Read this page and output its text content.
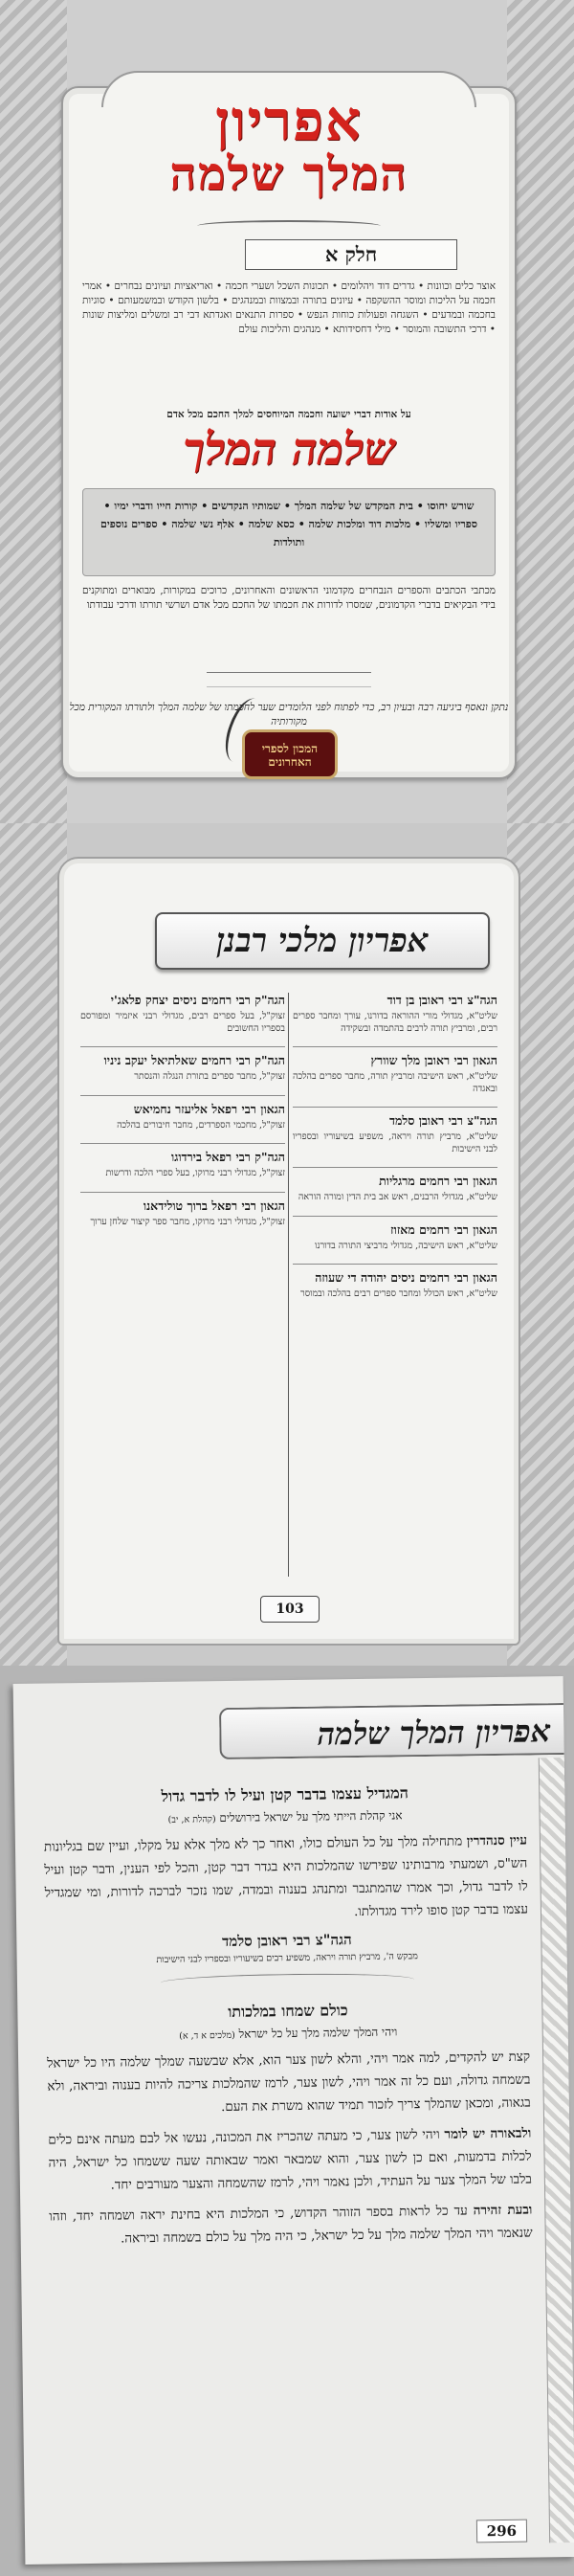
אפריון
המלך שלמה
חלק א
אוצר כלים וכוונות • גדרים דוד ויהלומים • תכונות השכל ושערי חכמה • ואריאציות ועיונים נבחרים • אמרי חכמה על הליכות ומוסר ההשקפה • עיונים בתורה ובמצוות ובמנהגים • בלשון הקודש ובמשמעותם • סוגיות בחכמה ובמדעים • השגחה ופעולות כוחות הנפש • ספרות התנאים ואגדתא דבי רב ומשלים ומליצות שונות • דרכי התשובה והמוסר • מילי דחסידותא • מנהגים והליכות עולם
על אודות דברי ישועה וחכמה המיוחסים למלך החכם מכל אדם
שלמה המלך
שורש יחוסו • בית המקדש של שלמה המלך • שמותיו הנקדשים • קורות חייו ודברי ימיו • ספריו ומשליו • מלכות דוד ומלכות שלמה • כסא שלמה • אלף נשי שלמה • ספרים נוספים ותולדות
מכתבי הכתבים והספרים הנבחרים מקדמוני הראשונים והאחרונים, כרוכים במקורות, מבוארים ומתוקנים בידי הבקיאים בדברי הקדמונים, שמסרו לדורות את חכמתו של החכם מכל אדם ושרשי תורתו ודרכי עבודתו
נתקן ונאסף ביגיעה רבה ובעיון רב, כדי לפתוח לפני הלומדים שער לחכמתו של שלמה המלך ולתורתו המקורית מכל מקורותיה
המכון לספרי האחרונים
אפריון מלכי רבנן
הגה"צ רבי ראובן בן דוד
שליט"א, מגדולי מורי ההוראה בדורנו, עורך ומחבר ספרים רבים, ומרביץ תורה לרבים בהתמדה ובשקידה
הגאון רבי ראובן מלך שוורץ
שליט"א, ראש הישיבה ומרביץ תורה, מחבר ספרים בהלכה ובאגדה
הגה"צ רבי ראובן סלמד
שליט"א, מרביץ תורה ויראה, משפיע בשיעוריו ובספריו לבני הישיבות
הגאון רבי רחמים מרגליות
שליט"א, מגדולי הרבנים, ראש אב בית הדין ומורה הוראה
הגאון רבי רחמים מאזוז
שליט"א, ראש הישיבה, מגדולי מרביצי התורה בדורנו
הגאון רבי רחמים ניסים יהודה די שעוזה
שליט"א, ראש הכולל ומחבר ספרים רבים בהלכה ובמוסר
הגה"ק רבי רחמים ניסים יצחק פלאג'י
זצוק"ל, בעל ספרים רבים, מגדולי רבני איזמיר ומפורסם בספריו החשובים
הגה"ק רבי רחמים שאלתיאל יעקב ניניו
זצוק"ל, מחבר ספרים בתורת הנגלה והנסתר
הגאון רבי רפאל אליעזר נחמיאש
זצוק"ל, מחכמי הספרדים, מחבר חיבורים בהלכה
הגה"ק רבי רפאל בירדוגו
זצוק"ל, מגדולי רבני מרוקו, בעל ספרי הלכה ודרשות
הגאון רבי רפאל ברוך טולידאנו
זצוק"ל, מגדולי רבני מרוקו, מחבר ספר קיצור שלחן ערוך
103
אפריון המלך שלמה
המגדיל עצמו בדבר קטן ועיל לו לדבר גדול
אני קהלת הייתי מלך על ישראל בירושלים (קהלת א, יב)
עיין סנהדרין מתחילה מלך על כל העולם כולו, ואחר כך לא מלך אלא על מקלו, ועיין שם בגליונות הש"ס, ושמעתי מרבותינו שפירשו שהמלכות היא בגדר דבר קטן, והכל לפי הענין, ודבר קטן ועיל לו לדבר גדול, וכך אמרו שהמתגבר ומתנהג בענוה ובמדה, שמו נזכר לברכה לדורות, ומי שמגדיל עצמו בדבר קטן סופו לירד מגדולתו.
הגה"צ רבי ראובן סלמד
מבקש ה', מרביץ תורה ויראה, משפיע רבים בשיעוריו ובספריו לבני הישיבות
כולם שמחו במלכותו
ויהי המלך שלמה מלך על כל ישראל (מלכים א ד, א)
קצת יש להקדים, למה אמר ויהי, והלא לשון צער הוא, אלא שבשעה שמלך שלמה היו כל ישראל בשמחה גדולה, ועם כל זה אמר ויהי, לשון צער, לרמז שהמלכות צריכה להיות בענוה וביראה, ולא בגאוה, ומכאן שהמלך צריך לזכור תמיד שהוא משרת את העם.
ולבאורה יש לומר ויהי לשון צער, כי מעתה שהכריז את המכונה, נעשו אל לבם מעתה אינם כלים לכלות בדמעות, ואם כן לשון צער, והוא שמבאר ואמר שבאותה שעה ששמחו כל ישראל, היה בלבו של המלך צער על העתיד, ולכן נאמר ויהי, לרמז שהשמחה והצער מעורבים יחד.
ובעת זהירה עד כל לראות בספר הזוהר הקדוש, כי המלכות היא בחינת יראה ושמחה יחד, וזהו שנאמר ויהי המלך שלמה מלך על כל ישראל, כי היה מלך על כולם בשמחה וביראה.
296
